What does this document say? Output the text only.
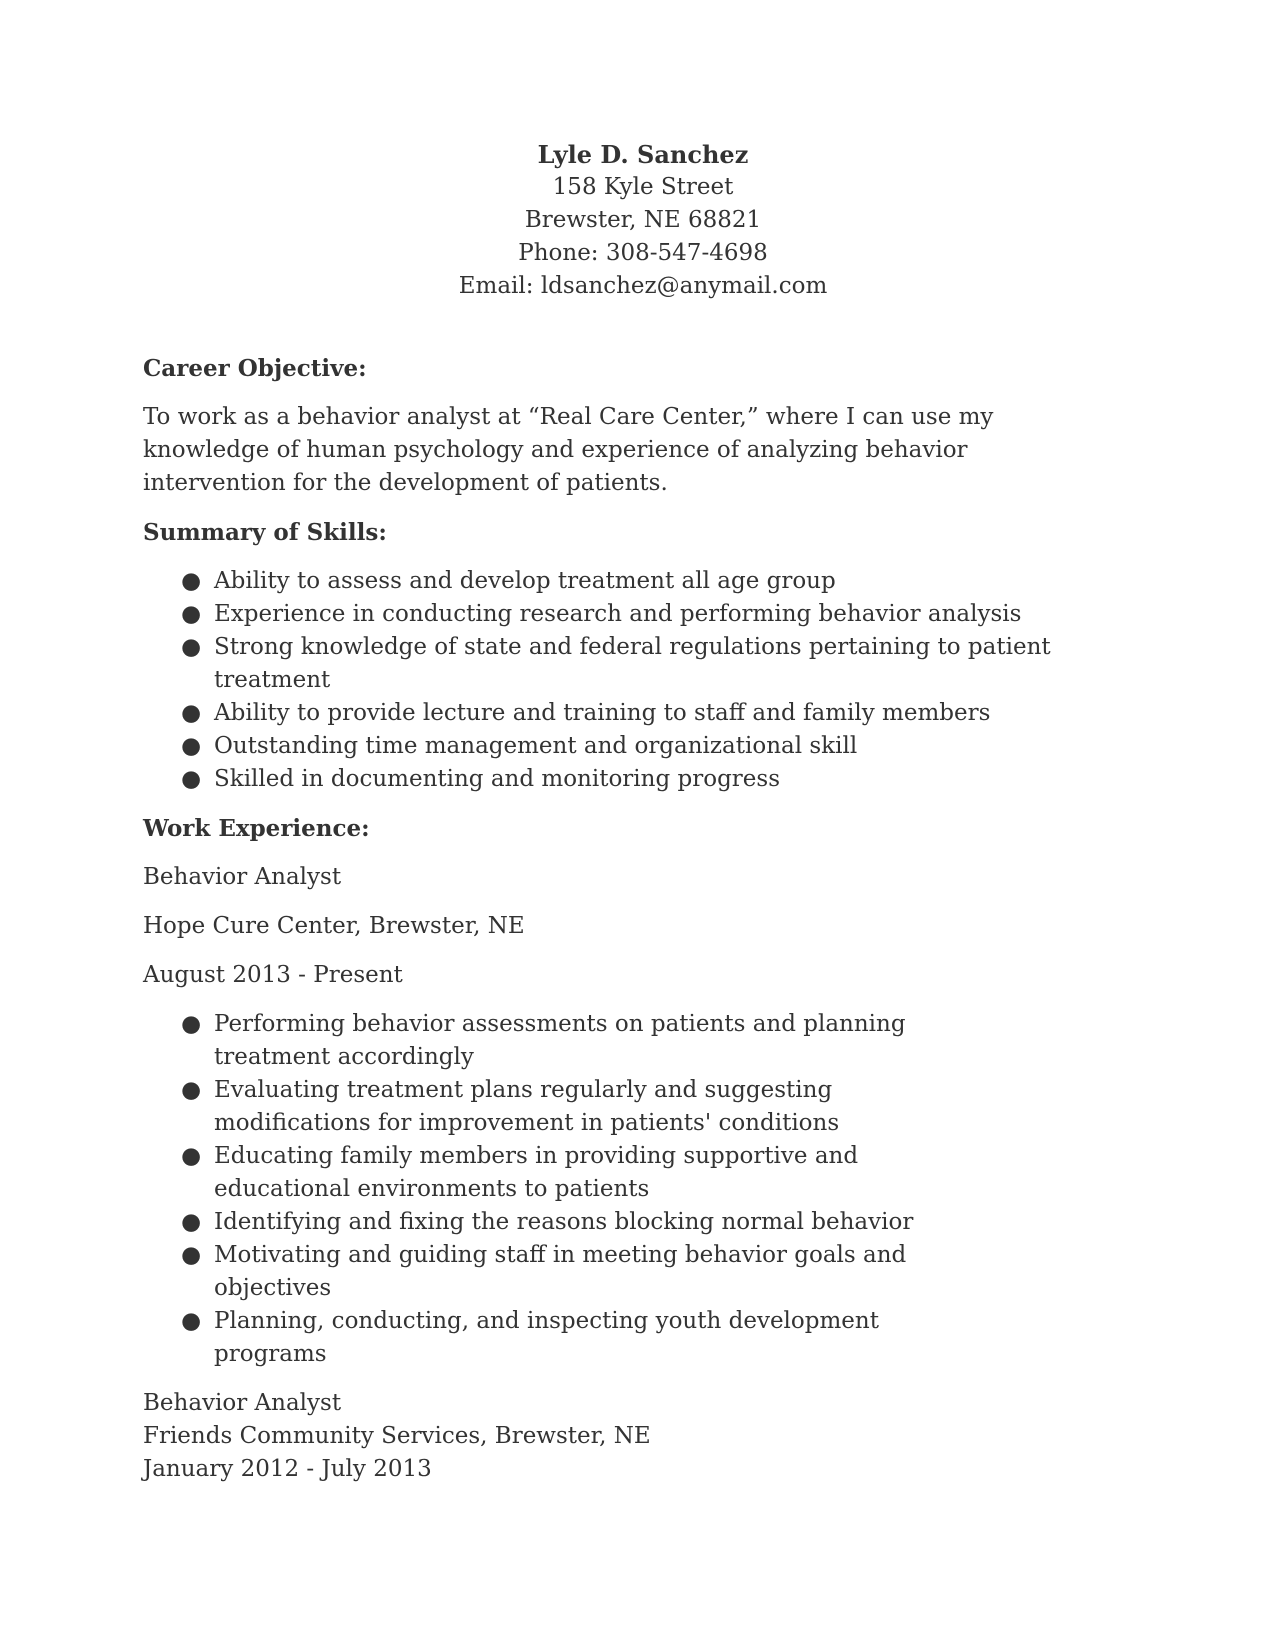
Lyle D. Sanchez
158 Kyle Street
Brewster, NE 68821
Phone: 308-547-4698
Email: ldsanchez@anymail.com
Career Objective:
To work as a behavior analyst at “Real Care Center,” where I can use my knowledge of human psychology and experience of analyzing behavior intervention for the development of patients.
Summary of Skills:
● Ability to assess and develop treatment all age group
● Experience in conducting research and performing behavior analysis
● Strong knowledge of state and federal regulations pertaining to patient treatment
● Ability to provide lecture and training to staff and family members
● Outstanding time management and organizational skill
● Skilled in documenting and monitoring progress
Work Experience:
Behavior Analyst
Hope Cure Center, Brewster, NE
August 2013 - Present
● Performing behavior assessments on patients and planning treatment accordingly
● Evaluating treatment plans regularly and suggesting modifications for improvement in patients' conditions
● Educating family members in providing supportive and educational environments to patients
● Identifying and fixing the reasons blocking normal behavior
● Motivating and guiding staff in meeting behavior goals and objectives
● Planning, conducting, and inspecting youth development programs
Behavior Analyst
Friends Community Services, Brewster, NE
January 2012 - July 2013
